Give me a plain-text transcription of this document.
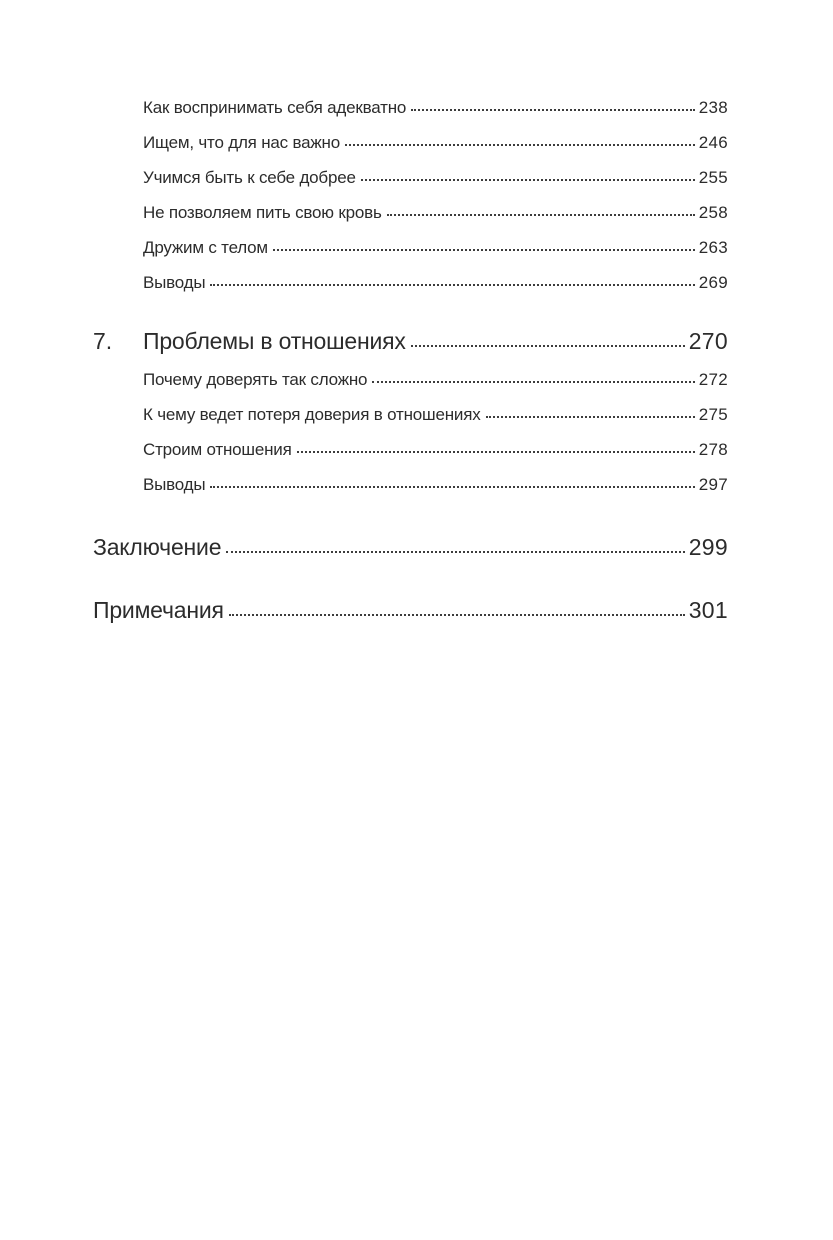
Как воспринимать себя адекватно	238
Ищем, что для нас важно	246
Учимся быть к себе добрее	255
Не позволяем пить свою кровь	258
Дружим с телом	263
Выводы	269
7.	Проблемы в отношениях	270
Почему доверять так сложно	272
К чему ведет потеря доверия в отношениях	275
Строим отношения	278
Выводы	297
Заключение	299
Примечания	301
